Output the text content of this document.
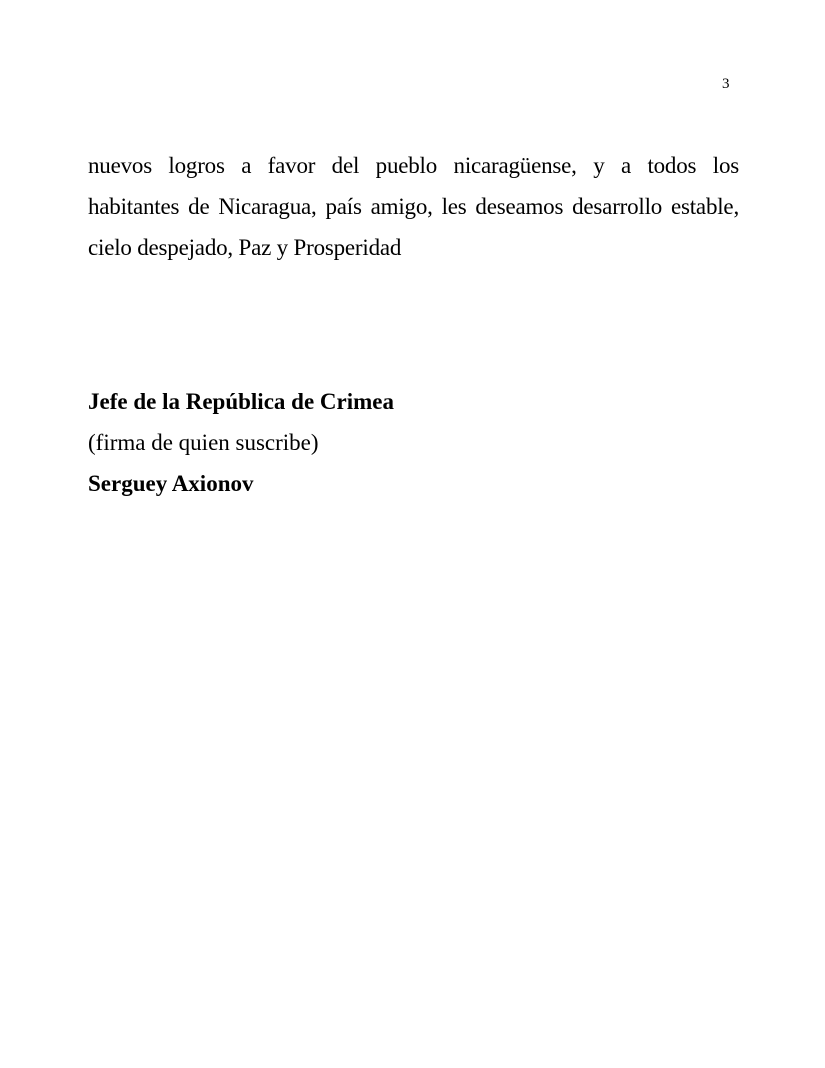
3
nuevos logros a favor del pueblo nicaragüense, y a todos los
habitantes de Nicaragua, país amigo, les deseamos desarrollo estable,
cielo despejado, Paz y Prosperidad
Jefe de la República de Crimea
(firma de quien suscribe)
Serguey Axionov
